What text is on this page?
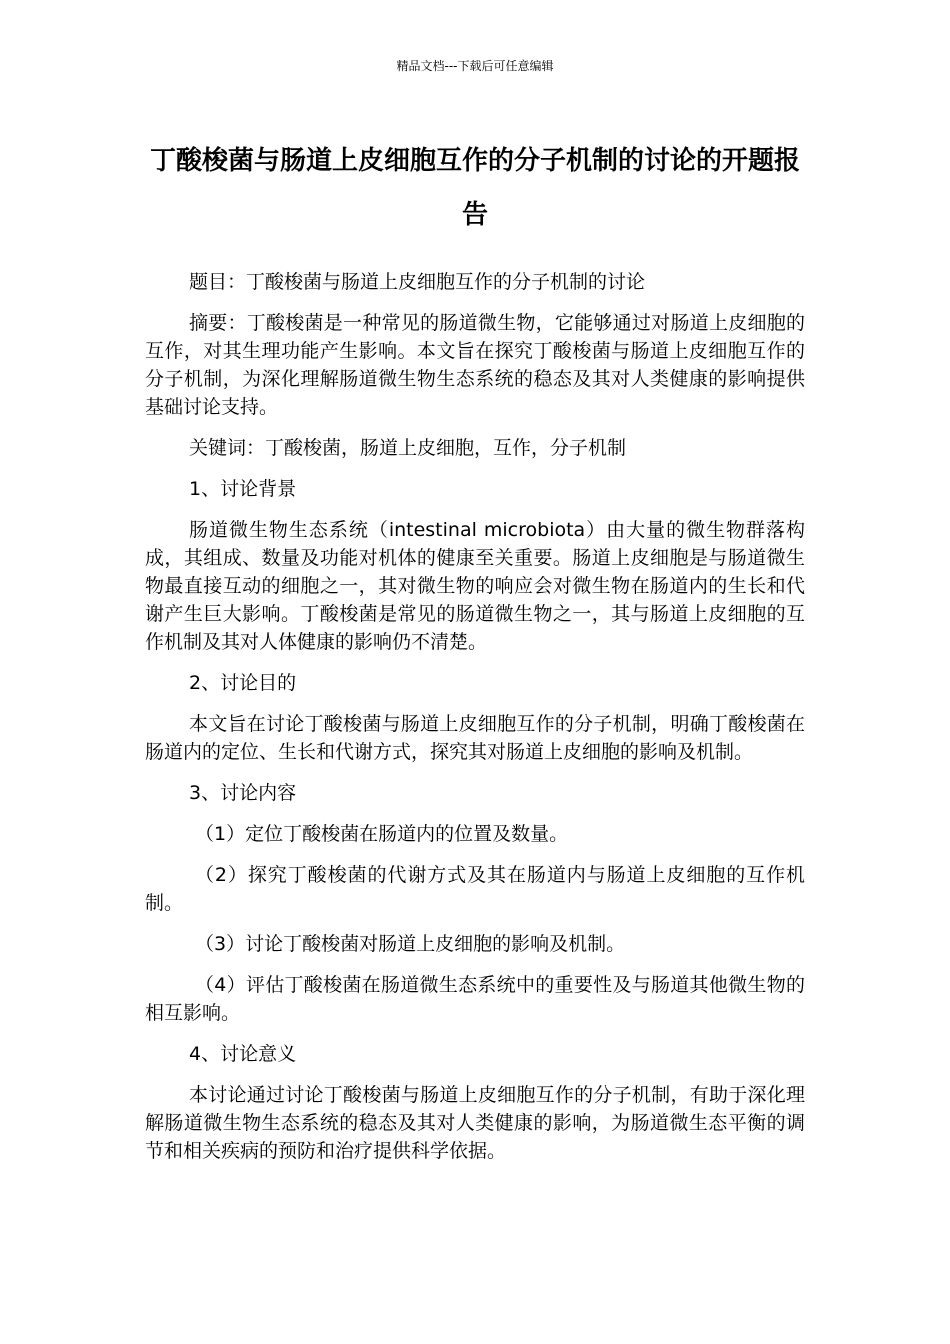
精品文档---下载后可任意编辑
丁酸梭菌与肠道上皮细胞互作的分子机制的讨论的开题报告

题目：丁酸梭菌与肠道上皮细胞互作的分子机制的讨论

摘要：丁酸梭菌是一种常见的肠道微生物，它能够通过对肠道上皮细胞的互作，对其生理功能产生影响。本文旨在探究丁酸梭菌与肠道上皮细胞互作的分子机制，为深化理解肠道微生物生态系统的稳态及其对人类健康的影响提供基础讨论支持。

关键词：丁酸梭菌，肠道上皮细胞，互作，分子机制

1、讨论背景

肠道微生物生态系统（intestinal microbiota）由大量的微生物群落构成，其组成、数量及功能对机体的健康至关重要。肠道上皮细胞是与肠道微生物最直接互动的细胞之一，其对微生物的响应会对微生物在肠道内的生长和代谢产生巨大影响。丁酸梭菌是常见的肠道微生物之一，其与肠道上皮细胞的互作机制及其对人体健康的影响仍不清楚。

2、讨论目的

本文旨在讨论丁酸梭菌与肠道上皮细胞互作的分子机制，明确丁酸梭菌在肠道内的定位、生长和代谢方式，探究其对肠道上皮细胞的影响及机制。

3、讨论内容

（1）定位丁酸梭菌在肠道内的位置及数量。

（2）探究丁酸梭菌的代谢方式及其在肠道内与肠道上皮细胞的互作机制。

（3）讨论丁酸梭菌对肠道上皮细胞的影响及机制。

（4）评估丁酸梭菌在肠道微生态系统中的重要性及与肠道其他微生物的相互影响。

4、讨论意义

本讨论通过讨论丁酸梭菌与肠道上皮细胞互作的分子机制，有助于深化理解肠道微生物生态系统的稳态及其对人类健康的影响，为肠道微生态平衡的调节和相关疾病的预防和治疗提供科学依据。
